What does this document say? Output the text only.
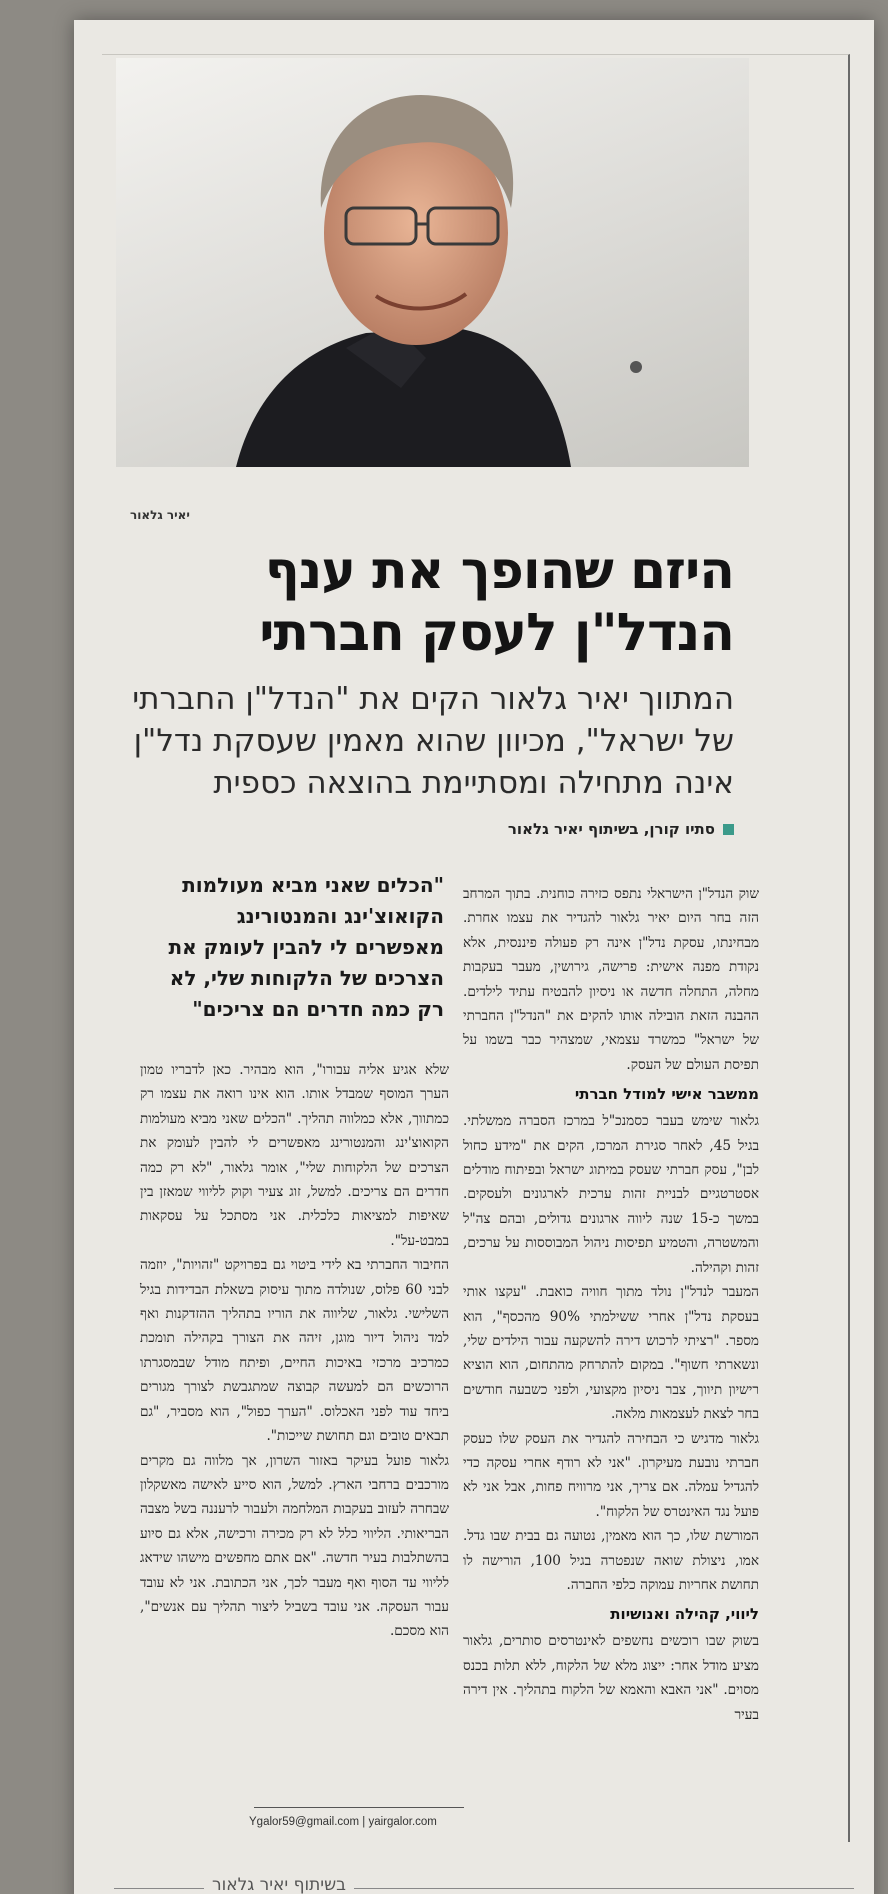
יאיר גלאור
היזם שהופך את ענף הנדל"ן לעסק חברתי
המתווך יאיר גלאור הקים את "הנדל"ן החברתי של ישראל", מכיוון שהוא מאמין שעסקת נדל"ן אינה מתחילה ומסתיימת בהוצאה כספית
סתיו קורן, בשיתוף יאיר גלאור
"הכלים שאני מביא מעולמות הקואוצ'ינג והמנטורינג מאפשרים לי להבין לעומק את הצרכים של הלקוחות שלי, לא רק כמה חדרים הם צריכים"

שוק הנדל"ן הישראלי נתפס כזירה כוחנית. בתוך המרחב הזה בחר היום יאיר גלאור להגדיר את עצמו אחרת. מבחינתו, עסקת נדל"ן אינה רק פעולה פיננסית, אלא נקודת מפנה אישית: פרישה, גירושין, מעבר בעקבות מחלה, התחלה חדשה או ניסיון להבטיח עתיד לילדים. ההבנה הזאת הובילה אותו להקים את "הנדל"ן החברתי של ישראל" כמשרד עצמאי, שמצהיר כבר בשמו על תפיסת העולם של העסק.

ממשבר אישי למודל חברתי

גלאור שימש בעבר כסמנכ"ל במרכז הסברה ממשלתי. בגיל 45, לאחר סגירת המרכז, הקים את "מידע כחול לבן", עסק חברתי שעסק במיתוג ישראל ובפיתוח מודלים אסטרטגיים לבניית זהות ערכית לארגונים ולעסקים. במשך כ-15 שנה ליווה ארגונים גדולים, ובהם צה"ל והמשטרה, והטמיע תפיסות ניהול המבוססות על ערכים, זהות וקהילה.

המעבר לנדל"ן נולד מתוך חוויה כואבת. "עקצו אותי בעסקת נדל"ן אחרי ששילמתי 90% מהכסף", הוא מספר. "רציתי לרכוש דירה להשקעה עבור הילדים שלי, ונשארתי חשוף". במקום להתרחק מהתחום, הוא הוציא רישיון תיווך, צבר ניסיון מקצועי, ולפני כשבעה חודשים בחר לצאת לעצמאות מלאה.

גלאור מדגיש כי הבחירה להגדיר את העסק שלו כעסק חברתי נובעת מעיקרון. "אני לא רודף אחרי עסקה כדי להגדיל עמלה. אם צריך, אני מרוויח פחות, אבל אני לא פועל נגד האינטרס של הלקוח".

המורשת שלו, כך הוא מאמין, נטועה גם בבית שבו גדל. אמו, ניצולת שואה שנפטרה בגיל 100, הורישה לו תחושת אחריות עמוקה כלפי החברה.

ליווי, קהילה ואנושיות

בשוק שבו רוכשים נחשפים לאינטרסים סותרים, גלאור מציע מודל אחר: ייצוג מלא של הלקוח, ללא תלות בכנס מסוים. "אני האבא והאמא של הלקוח בתהליך. אין דירה בעיר

שלא אגיע אליה עבורו", הוא מבהיר. כאן לדבריו טמון הערך המוסף שמבדל אותו. הוא אינו רואה את עצמו רק כמתווך, אלא כמלווה תהליך. "הכלים שאני מביא מעולמות הקואוצ'ינג והמנטורינג מאפשרים לי להבין לעומק את הצרכים של הלקוחות שלי", אומר גלאור, "לא רק כמה חדרים הם צריכים. למשל, זוג צעיר וקוק לליווי שמאזן בין שאיפות למציאות כלכלית. אני מסתכל על עסקאות במבט-על".

החיבור החברתי בא לידי ביטוי גם בפרויקט "זהויות", יוזמה לבני 60 פלוס, שנולדה מתוך עיסוק בשאלת הבדידות בגיל השלישי. גלאור, שליווה את הוריו בתהליך ההזדקנות ואף למד ניהול דיור מוגן, זיהה את הצורך בקהילה תומכת כמרכיב מרכזי באיכות החיים, ופיתח מודל שבמסגרתו הרוכשים הם למעשה קבוצה שמתגבשת לצורך מגורים ביחד עוד לפני האכלוס. "הערך כפול", הוא מסביר, "גם תבאים טובים וגם תחושת שייכות".

גלאור פועל בעיקר באזור השרון, אך מלווה גם מקרים מורכבים ברחבי הארץ. למשל, הוא סייע לאישה מאשקלון שבחרה לעזוב בעקבות המלחמה ולעבור לרעננה בשל מצבה הבריאותי. הליווי כלל לא רק מכירה ורכישה, אלא גם סיוע בהשתלבות בעיר חדשה. "אם אתם מחפשים מישהו שידאג לליווי עד הסוף ואף מעבר לכך, אני הכתובת. אני לא עובד עבור העסקה. אני עובד בשביל ליצור תהליך עם אנשים", הוא מסכם.

Ygalor59@gmail.com | yairgalor.com
בשיתוף יאיר גלאור
